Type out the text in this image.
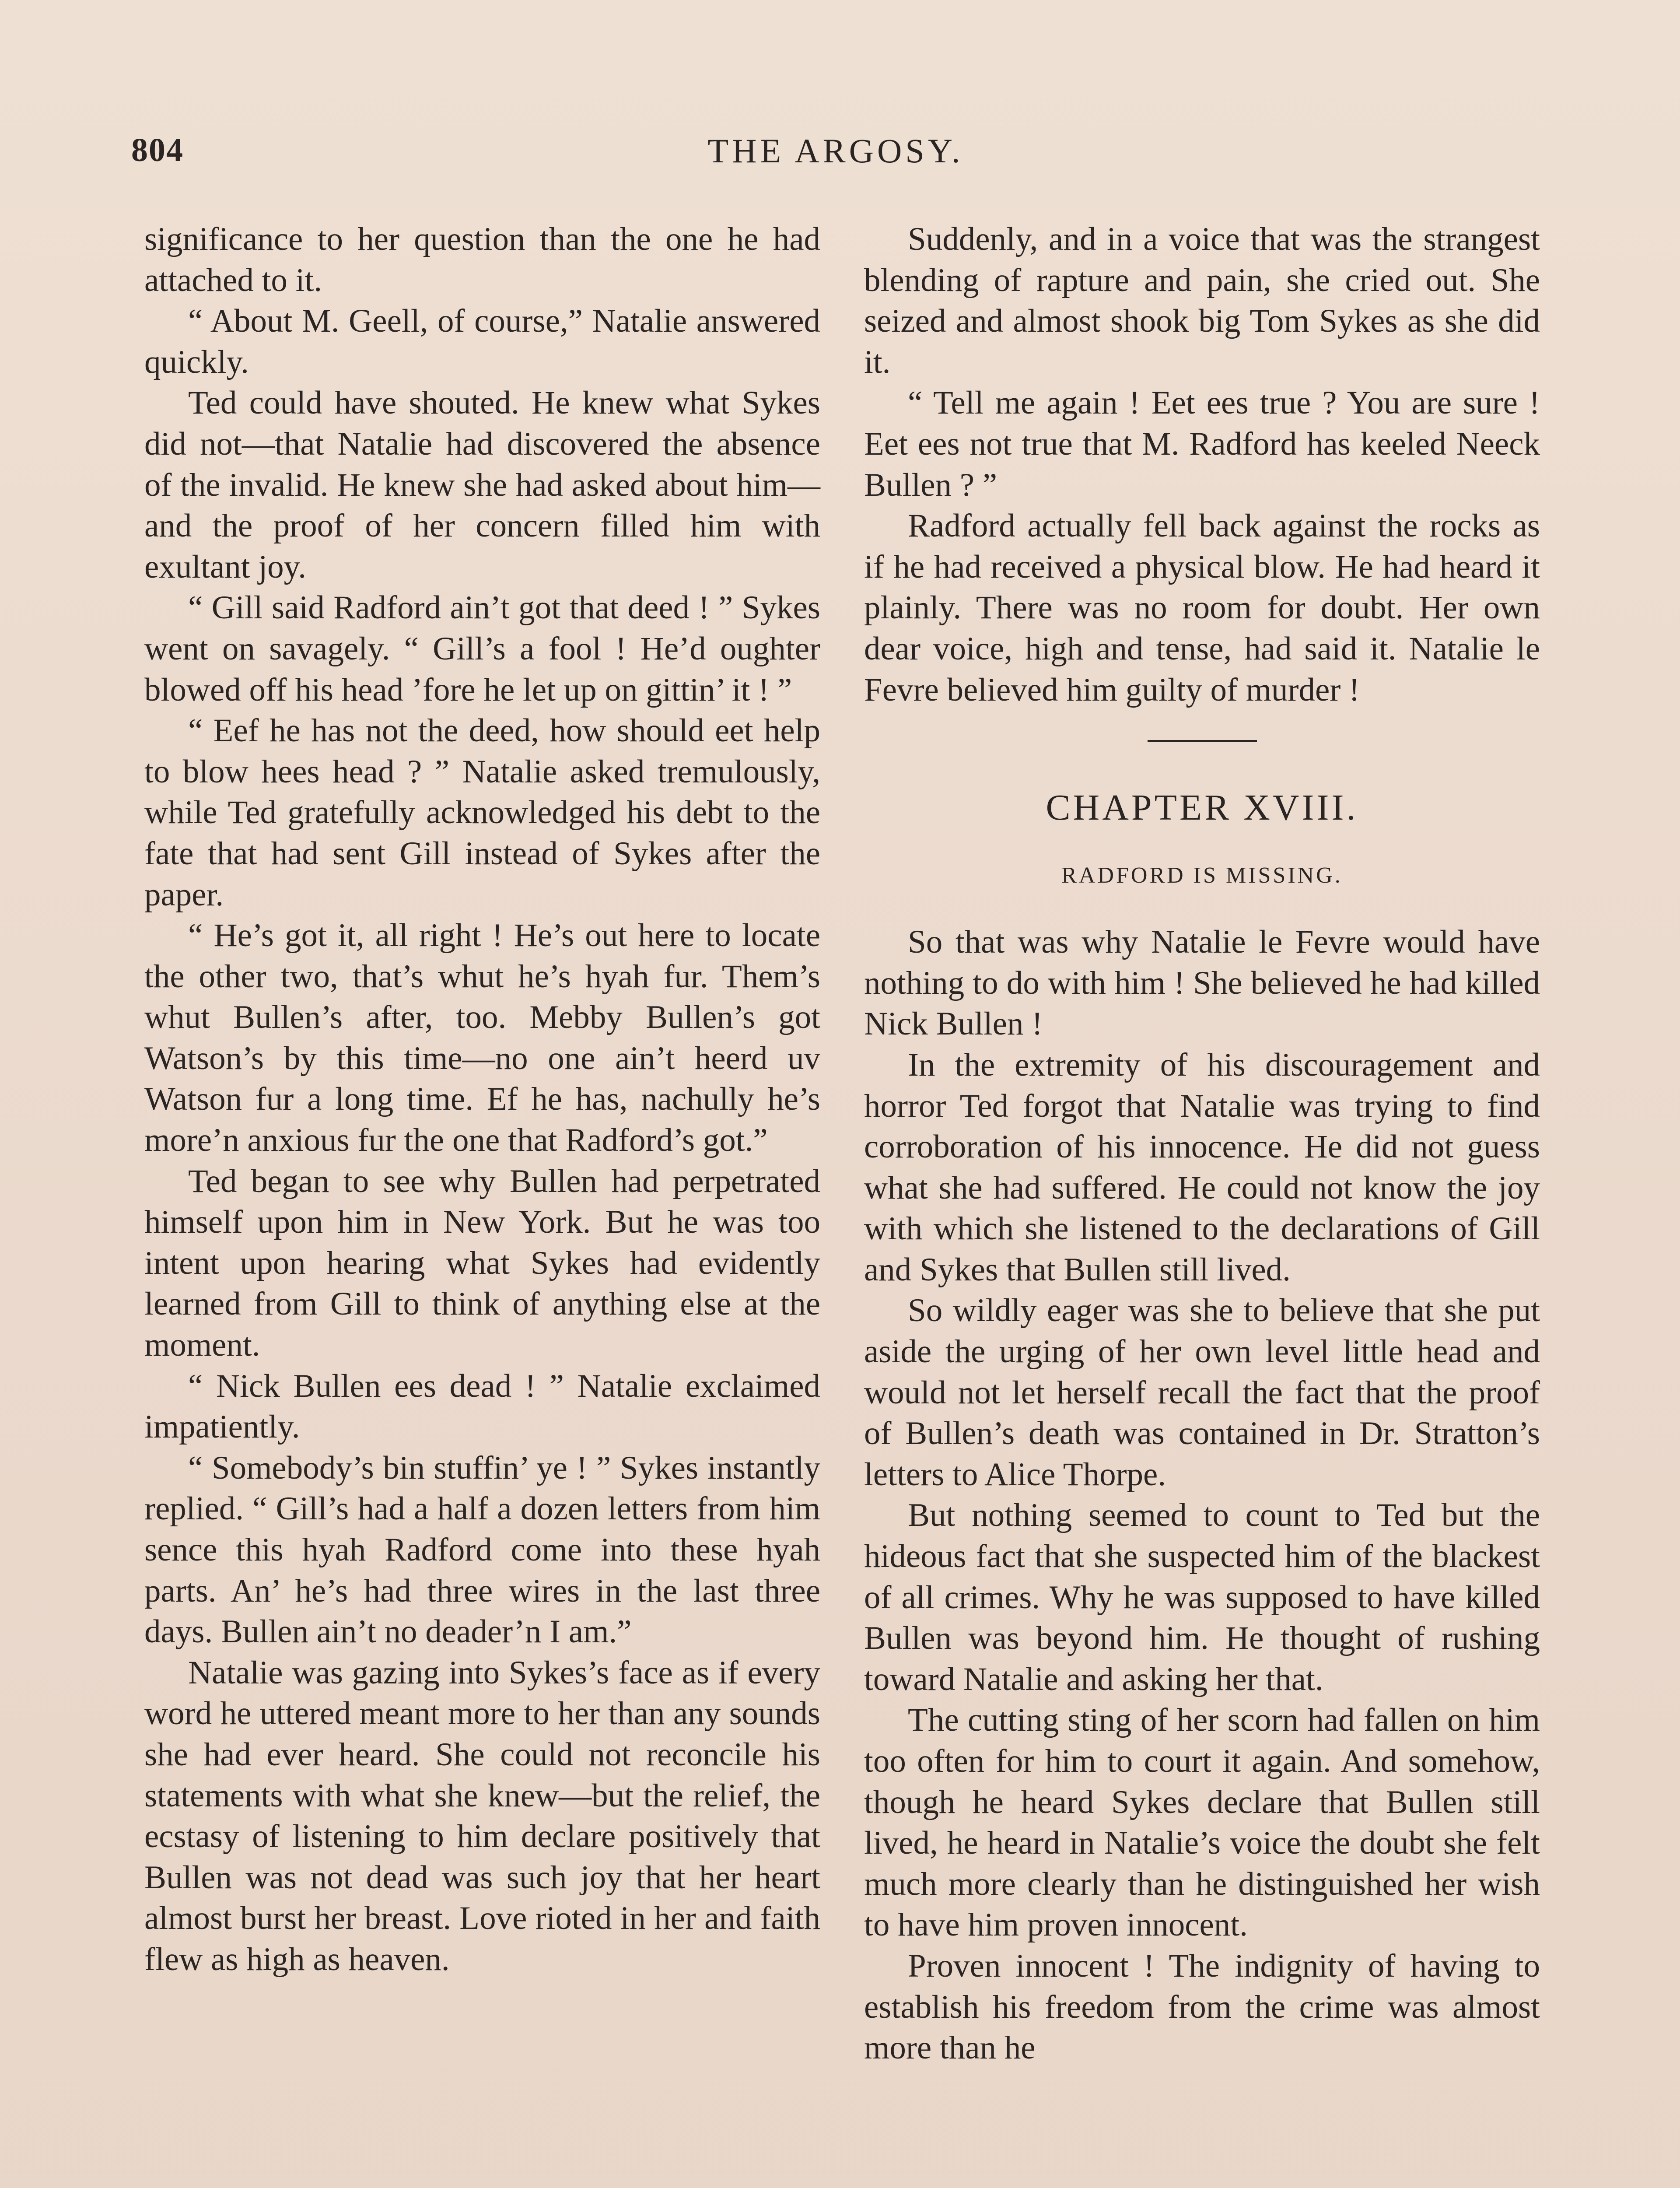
804	THE ARGOSY.

significance to her question than the one he had attached to it.

“ About M. Geell, of course,” Natalie answered quickly.

Ted could have shouted. He knew what Sykes did not—that Natalie had discovered the absence of the invalid. He knew she had asked about him—and the proof of her concern filled him with exultant joy.

“ Gill said Radford ain’t got that deed ! ” Sykes went on savagely. “ Gill’s a fool ! He’d oughter blowed off his head ’fore he let up on gittin’ it ! ”

“ Eef he has not the deed, how should eet help to blow hees head ? ” Natalie asked tremulously, while Ted gratefully acknowledged his debt to the fate that had sent Gill instead of Sykes after the paper.

“ He’s got it, all right ! He’s out here to locate the other two, that’s whut he’s hyah fur. Them’s whut Bullen’s after, too. Mebby Bullen’s got Watson’s by this time—no one ain’t heerd uv Watson fur a long time. Ef he has, nachully he’s more’n anxious fur the one that Radford’s got.”

Ted began to see why Bullen had perpetrated himself upon him in New York. But he was too intent upon hearing what Sykes had evidently learned from Gill to think of anything else at the moment.

“ Nick Bullen ees dead ! ” Natalie exclaimed impatiently.

“ Somebody’s bin stuffin’ ye ! ” Sykes instantly replied. “ Gill’s had a half a dozen letters from him sence this hyah Radford come into these hyah parts. An’ he’s had three wires in the last three days. Bullen ain’t no deader’n I am.”

Natalie was gazing into Sykes’s face as if every word he uttered meant more to her than any sounds she had ever heard. She could not reconcile his statements with what she knew—but the relief, the ecstasy of listening to him declare positively that Bullen was not dead was such joy that her heart almost burst her breast. Love rioted in her and faith flew as high as heaven.

Suddenly, and in a voice that was the strangest blending of rapture and pain, she cried out. She seized and almost shook big Tom Sykes as she did it.

“ Tell me again ! Eet ees true ? You are sure ! Eet ees not true that M. Radford has keeled Neeck Bullen ? ”

Radford actually fell back against the rocks as if he had received a physical blow. He had heard it plainly. There was no room for doubt. Her own dear voice, high and tense, had said it. Natalie le Fevre believed him guilty of murder !

CHAPTER XVIII.
RADFORD IS MISSING.

So that was why Natalie le Fevre would have nothing to do with him ! She believed he had killed Nick Bullen !

In the extremity of his discouragement and horror Ted forgot that Natalie was trying to find corroboration of his innocence. He did not guess what she had suffered. He could not know the joy with which she listened to the declarations of Gill and Sykes that Bullen still lived.

So wildly eager was she to believe that she put aside the urging of her own level little head and would not let herself recall the fact that the proof of Bullen’s death was contained in Dr. Stratton’s letters to Alice Thorpe.

But nothing seemed to count to Ted but the hideous fact that she suspected him of the blackest of all crimes. Why he was supposed to have killed Bullen was beyond him. He thought of rushing toward Natalie and asking her that.

The cutting sting of her scorn had fallen on him too often for him to court it again. And somehow, though he heard Sykes declare that Bullen still lived, he heard in Natalie’s voice the doubt she felt much more clearly than he distinguished her wish to have him proven innocent.

Proven innocent ! The indignity of having to establish his freedom from the crime was almost more than he
